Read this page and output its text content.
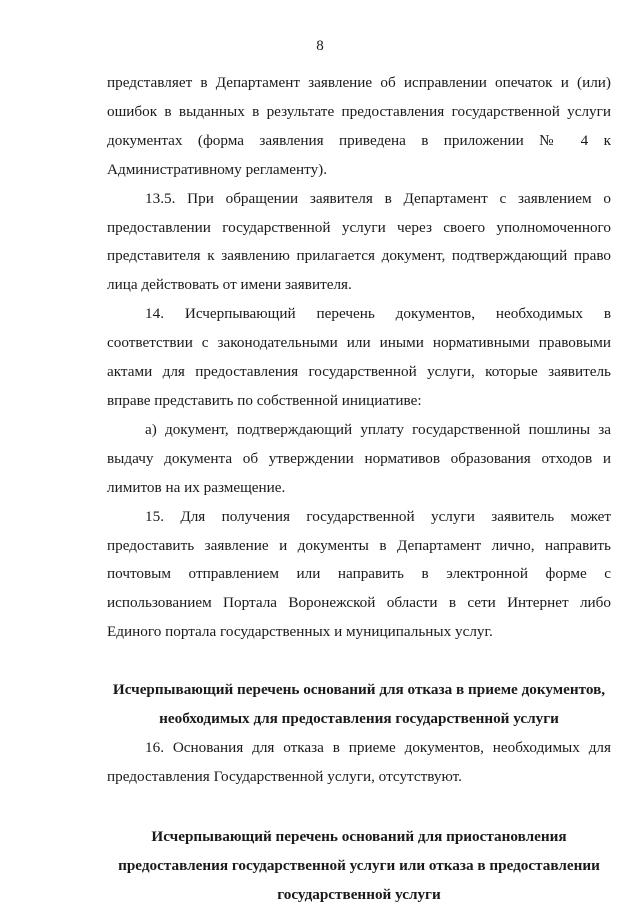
8

представляет в Департамент заявление об исправлении опечаток и (или) ошибок в выданных в результате предоставления государственной услуги документах (форма заявления приведена в приложении № 4 к Административному регламенту).

13.5. При обращении заявителя в Департамент с заявлением о предоставлении государственной услуги через своего уполномоченного представителя к заявлению прилагается документ, подтверждающий право лица действовать от имени заявителя.

14. Исчерпывающий перечень документов, необходимых в соответствии с законодательными или иными нормативными правовыми актами для предоставления государственной услуги, которые заявитель вправе представить по собственной инициативе:

а) документ, подтверждающий уплату государственной пошлины за выдачу документа об утверждении нормативов образования отходов и лимитов на их размещение.

15. Для получения государственной услуги заявитель может предоставить заявление и документы в Департамент лично, направить почтовым отправлением или направить в электронной форме с использованием Портала Воронежской области в сети Интернет либо Единого портала государственных и муниципальных услуг.

Исчерпывающий перечень оснований для отказа в приеме документов, необходимых для предоставления государственной услуги

16. Основания для отказа в приеме документов, необходимых для предоставления Государственной услуги, отсутствуют.

Исчерпывающий перечень оснований для приостановления предоставления государственной услуги или отказа в предоставлении государственной услуги
